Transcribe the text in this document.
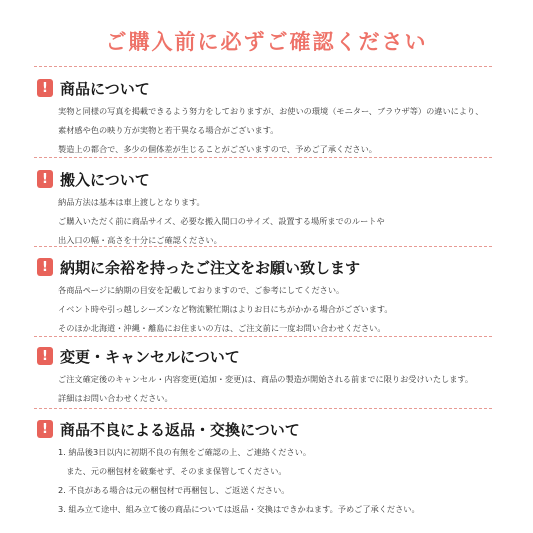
ご購入前に必ずご確認ください
! 商品について
実物と同様の写真を掲載できるよう努力をしておりますが、お使いの環境（モニター、ブラウザ等）の違いにより、
素材感や色の映り方が実物と若干異なる場合がございます。
製造上の都合で、多少の個体差が生じることがございますので、予めご了承ください。
! 搬入について
納品方法は基本は車上渡しとなります。
ご購入いただく前に商品サイズ、必要な搬入間口のサイズ、設置する場所までのルートや
出入口の幅・高さを十分にご確認ください。
! 納期に余裕を持ったご注文をお願い致します
各商品ページに納期の目安を記載しておりますので、ご参考にしてください。
イベント時や引っ越しシーズンなど物流繁忙期はよりお日にちがかかる場合がございます。
そのほか北海道・沖縄・離島にお住まいの方は、ご注文前に一度お問い合わせください。
! 変更・キャンセルについて
ご注文確定後のキャンセル・内容変更(追加・変更)は、商品の製造が開始される前までに限りお受けいたします。
詳細はお問い合わせください。
! 商品不良による返品・交換について
1. 納品後3日以内に初期不良の有無をご確認の上、ご連絡ください。
　また、元の梱包材を破棄せず、そのまま保管してください。
2. 不良がある場合は元の梱包材で再梱包し、ご返送ください。
3. 組み立て途中、組み立て後の商品については返品・交換はできかねます。予めご了承ください。
